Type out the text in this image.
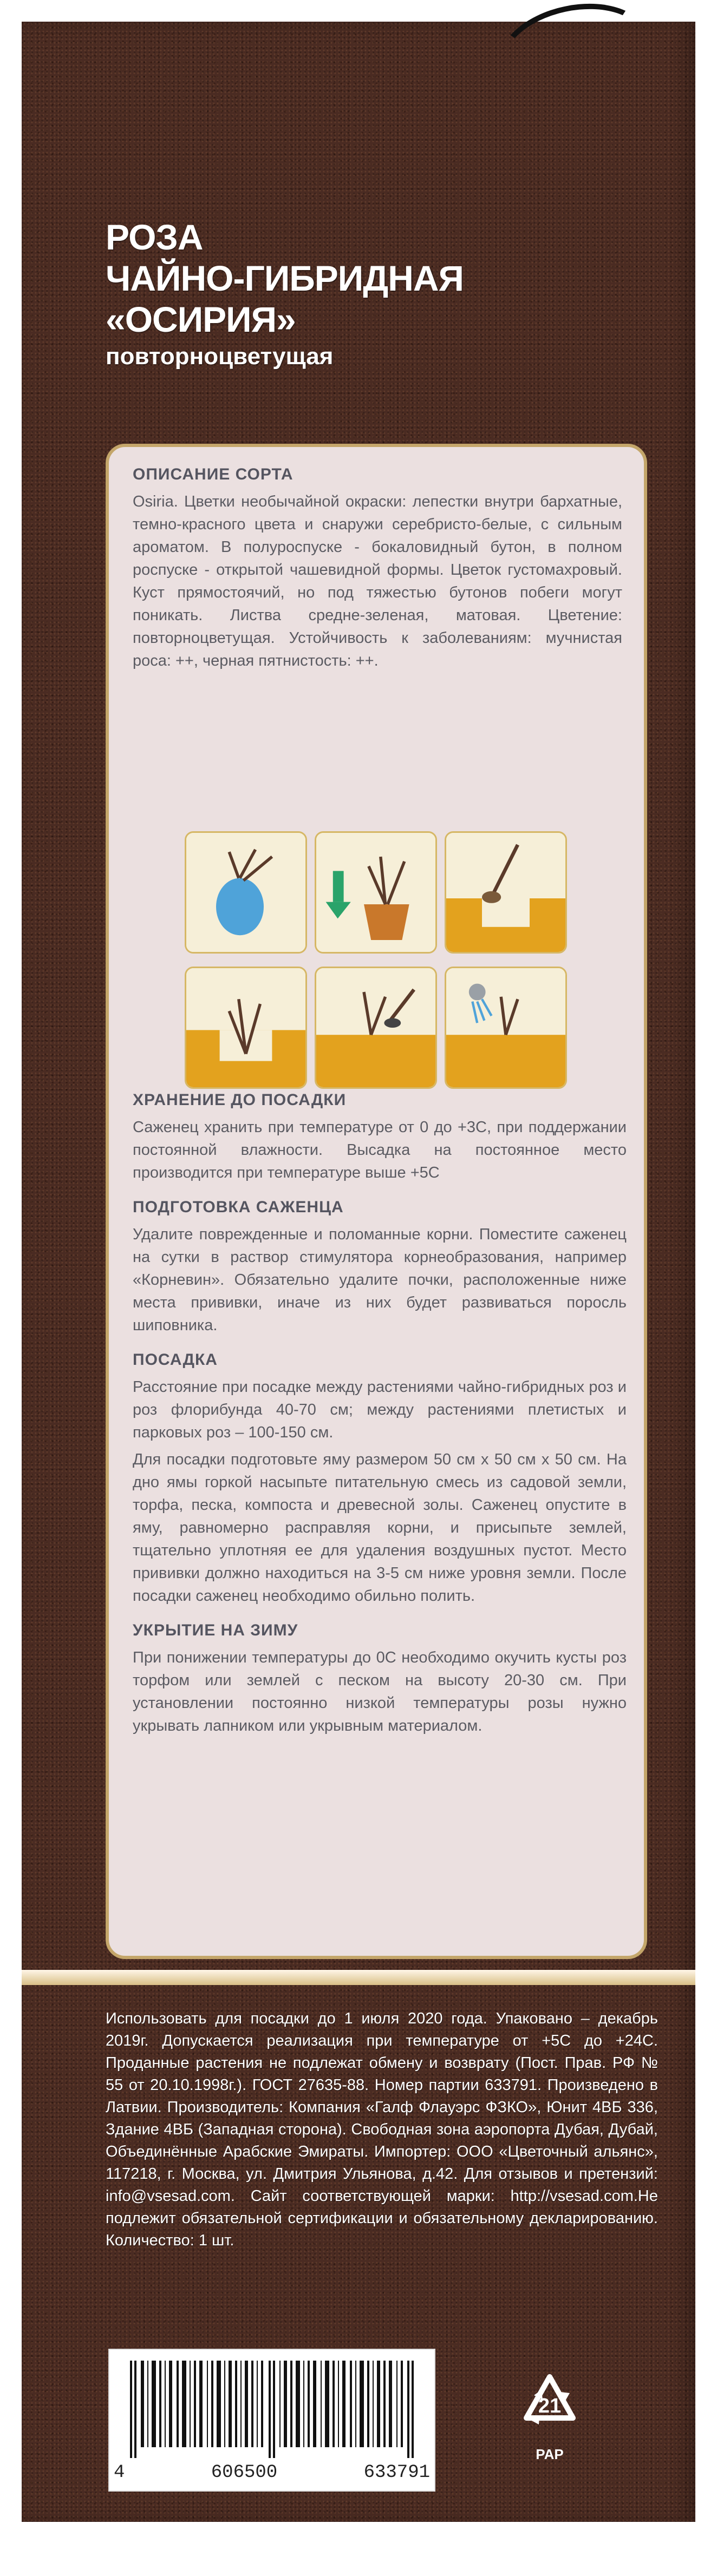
РОЗА
ЧАЙНО-ГИБРИДНАЯ
«ОСИРИЯ»
повторноцветущая
ОПИСАНИЕ СОРТА

Osiria. Цветки необычайной окраски: лепестки внутри бархатные, темно-красного цвета и снаружи серебристо-белые, с сильным ароматом. В полуроспуске - бокаловидный бутон, в полном роспуске - открытой чашевидной формы. Цветок густомахровый. Куст прямостоячий, но под тяжестью бутонов побеги могут поникать. Листва средне-зеленая, матовая. Цветение: повторноцветущая. Устойчивость к заболеваниям: мучнистая роса: ++, черная пятнистость: ++.

ХРАНЕНИЕ ДО ПОСАДКИ

Саженец хранить при температуре от 0 до +3С, при поддержании постоянной влажности. Высадка на постоянное место производится при температуре выше +5С

ПОДГОТОВКА САЖЕНЦА

Удалите поврежденные и поломанные корни. Поместите саженец на сутки в раствор стимулятора корнеобразования, например «Корневин». Обязательно удалите почки, расположенные ниже места прививки, иначе из них будет развиваться поросль шиповника.

ПОСАДКА

Расстояние при посадке между растениями чайно-гибридных роз и роз флорибунда 40-70 см; между растениями плетистых и парковых роз – 100-150 см.

Для посадки подготовьте яму размером 50 см х 50 см х 50 см. На дно ямы горкой насыпьте питательную смесь из садовой земли, торфа, песка, компоста и древесной золы. Саженец опустите в яму, равномерно расправляя корни, и присыпьте землей, тщательно уплотняя ее для удаления воздушных пустот. Место прививки должно находиться на 3-5 см ниже уровня земли. После посадки саженец необходимо обильно полить.

УКРЫТИЕ НА ЗИМУ

При понижении температуры до 0С необходимо окучить кусты роз торфом или землей с песком на высоту 20-30 см. При установлении постоянно низкой температуры розы нужно укрывать лапником или укрывным материалом.

Использовать для посадки до 1 июля 2020 года. Упаковано – декабрь 2019г. Допускается реализация при температуре от +5С до +24С. Проданные растения не подлежат обмену и возврату (Пост. Прав. РФ № 55 от 20.10.1998г.). ГОСТ 27635-88. Номер партии 633791. Произведено в Латвии. Производитель: Компания «Галф Флауэрс ФЗКО», Юнит 4ВБ 336, Здание 4ВБ (Западная сторона). Свободная зона аэропорта Дубая, Дубай, Объединённые Арабские Эмираты. Импортер: ООО «Цветочный альянс», 117218, г. Москва, ул. Дмитрия Ульянова, д.42. Для отзывов и претензий: info@vsesad.com. Сайт соответствующей марки: http://vsesad.com.Не подлежит обязательной сертификации и обязательному декларированию. Количество: 1 шт.
4	606500	633791
21
PAP
